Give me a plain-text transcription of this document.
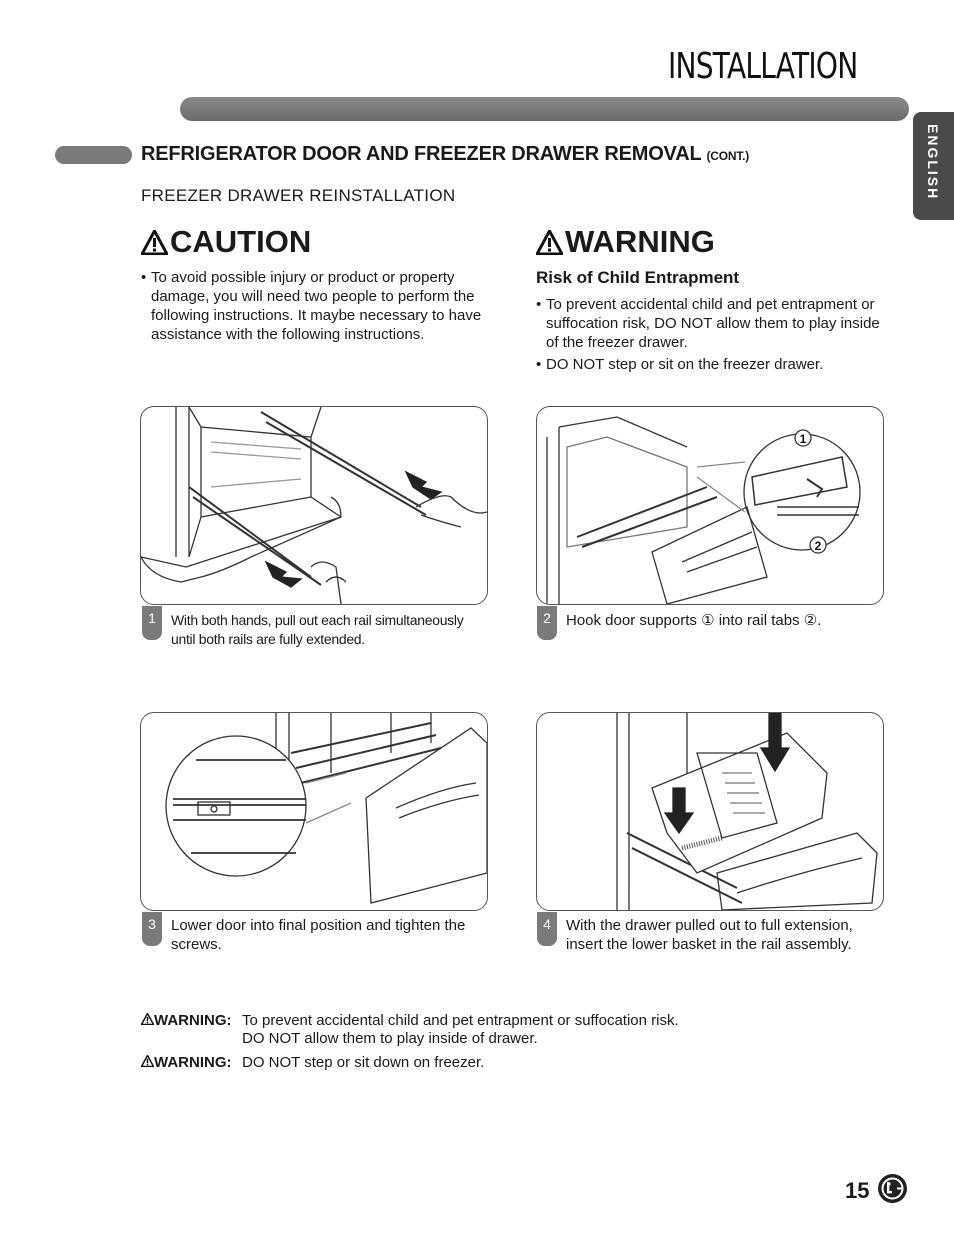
INSTALLATION
ENGLISH
REFRIGERATOR DOOR AND FREEZER DRAWER REMOVAL (CONT.)
FREEZER DRAWER REINSTALLATION
CAUTION
• To avoid possible injury or product or property damage, you will need two people to perform the following instructions. It maybe necessary to have assistance with the following instructions.
WARNING
Risk of Child Entrapment
• To prevent accidental child and pet entrapment or suffocation risk, DO NOT allow them to play inside of the freezer drawer.
• DO NOT step or sit on the freezer drawer.
1	With both hands, pull out each rail simultaneously until both rails are fully extended.
1
2
2	Hook door supports ① into rail tabs ②.
3	Lower door into final position and tighten the screws.
4	With the drawer pulled out to full extension, insert the lower basket in the rail assembly.
WARNING: To prevent accidental child and pet entrapment or suffocation risk.
DO NOT allow them to play inside of drawer.
WARNING: DO NOT step or sit down on freezer.
15
